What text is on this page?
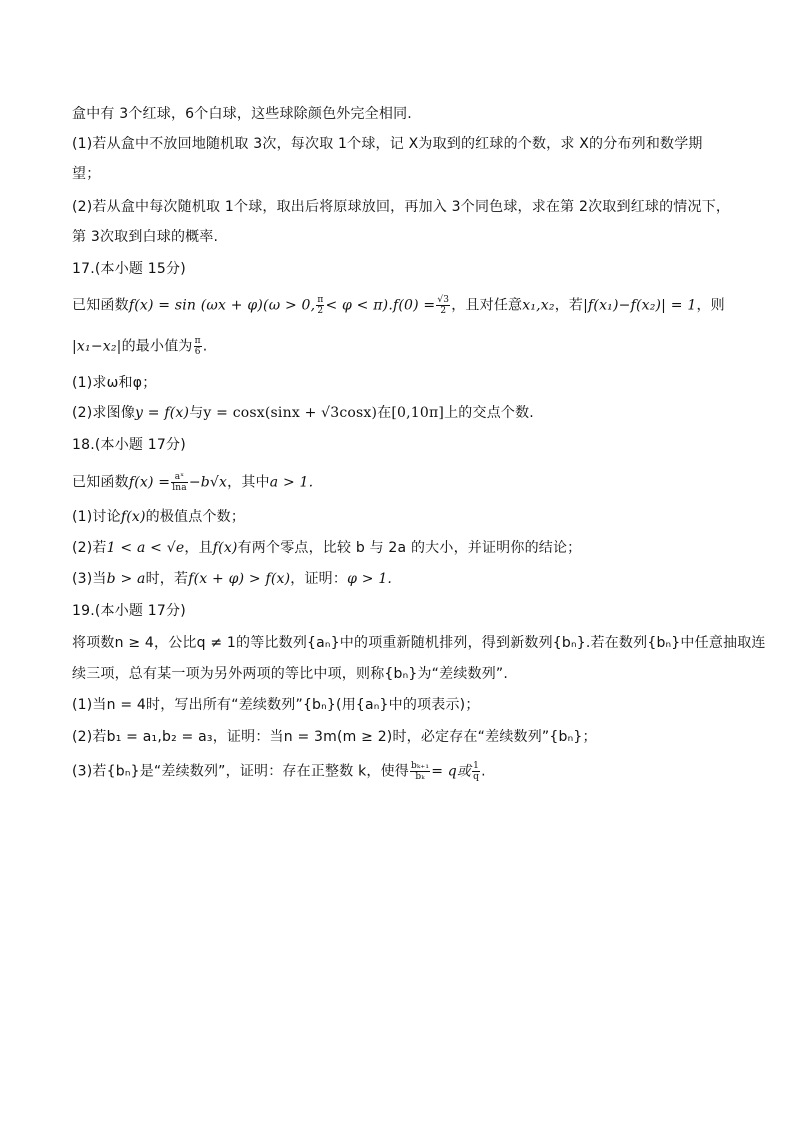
盒中有 3个红球，6个白球，这些球除颜色外完全相同.
(1)若从盒中不放回地随机取 3次，每次取 1个球，记 X为取到的红球的个数，求 X的分布列和数学期
望；
(2)若从盒中每次随机取 1个球，取出后将原球放回，再加入 3个同色球，求在第 2次取到红球的情况下，
第 3次取到白球的概率.
17.(本小题 15分)
已知函数f(x) = sin (ωx + φ)(ω > 0, $\frac{\pi}{2} < \varphi < \pi).f(0) = \frac{√3}{2}$ ，且对任意x₁,x₂，若|f(x₁)−f(x₂)| = 1，则
|x₁−x₂|的最小值为 $\frac{\pi}{6}$ .
(1)求ω和φ；
(2)求图像y = f(x)与y = cosx(sinx + √3cosx)在[0,10π]上的交点个数.
18.(本小题 17分)
已知函数$f(x) = \frac{\text{aˣ}}{\ln a} -b√x$，其中a > 1.
(1)讨论f(x)的极值点个数；
(2)若1 < a < √e，且f(x)有两个零点，比较 b 与 2a 的大小，并证明你的结论；
(3)当b > a时，若f(x + φ) > f(x)，证明：φ > 1.
19.(本小题 17分)
将项数n ≥ 4，公比q ≠ 1的等比数列{aₙ}中的项重新随机排列，得到新数列{bₙ}.若在数列{bₙ}中任意抽取连
续三项，总有某一项为另外两项的等比中项，则称{bₙ}为“差续数列”.
(1)当n = 4时，写出所有“差续数列”{bₙ}(用{aₙ}中的项表示)；
(2)若b₁ = a₁,b₂ = a₃，证明：当n = 3m(m ≥ 2)时，必定存在“差续数列”{bₙ}；
(3)若{bₙ}是“差续数列”，证明：存在正整数 k，使得 $\frac{\text{bₖ₊₁}}{\text{bₖ}} = q$或 $\frac{1}{q}$ .
